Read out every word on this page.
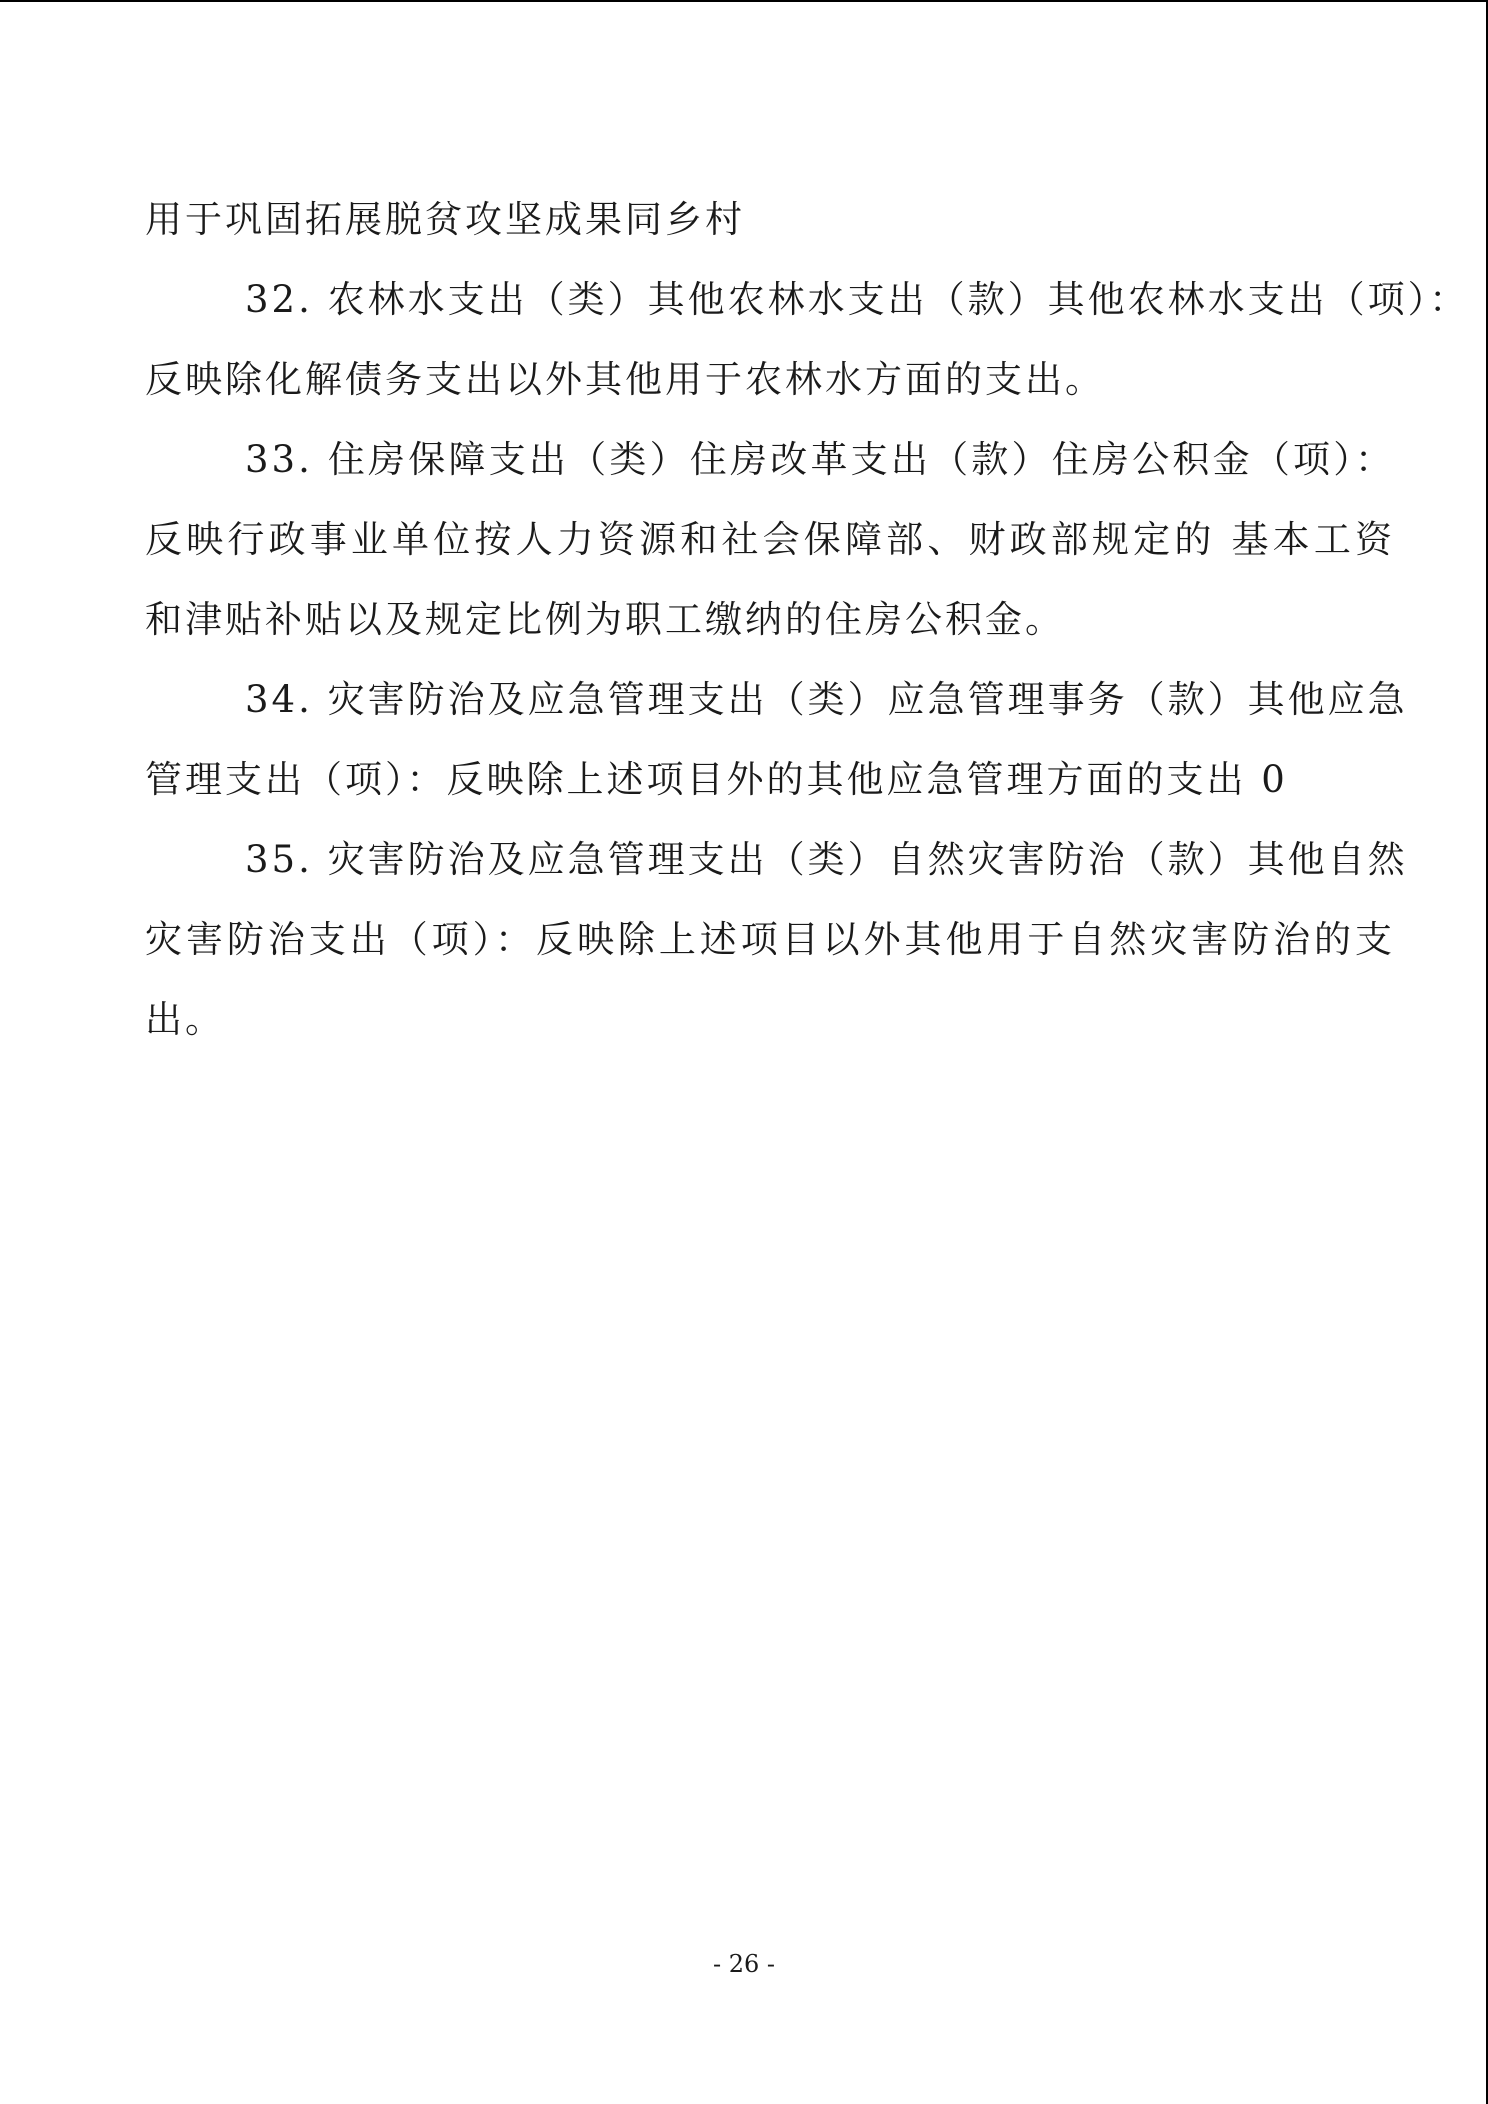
用于巩固拓展脱贫攻坚成果同乡村
32. 农林水支出（类）其他农林水支出（款）其他农林水支出（项）：
反映除化解债务支出以外其他用于农林水方面的支出。
33. 住房保障支出（类）住房改革支出（款）住房公积金（项）：
反映行政事业单位按人力资源和社会保障部、财政部规定的 基本工资
和津贴补贴以及规定比例为职工缴纳的住房公积金。
34. 灾害防治及应急管理支出（类）应急管理事务（款）其他应急
管理支出（项）：反映除上述项目外的其他应急管理方面的支出 0
35. 灾害防治及应急管理支出（类）自然灾害防治（款）其他自然
灾害防治支出（项）：反映除上述项目以外其他用于自然灾害防治的支
出。
- 26 -
